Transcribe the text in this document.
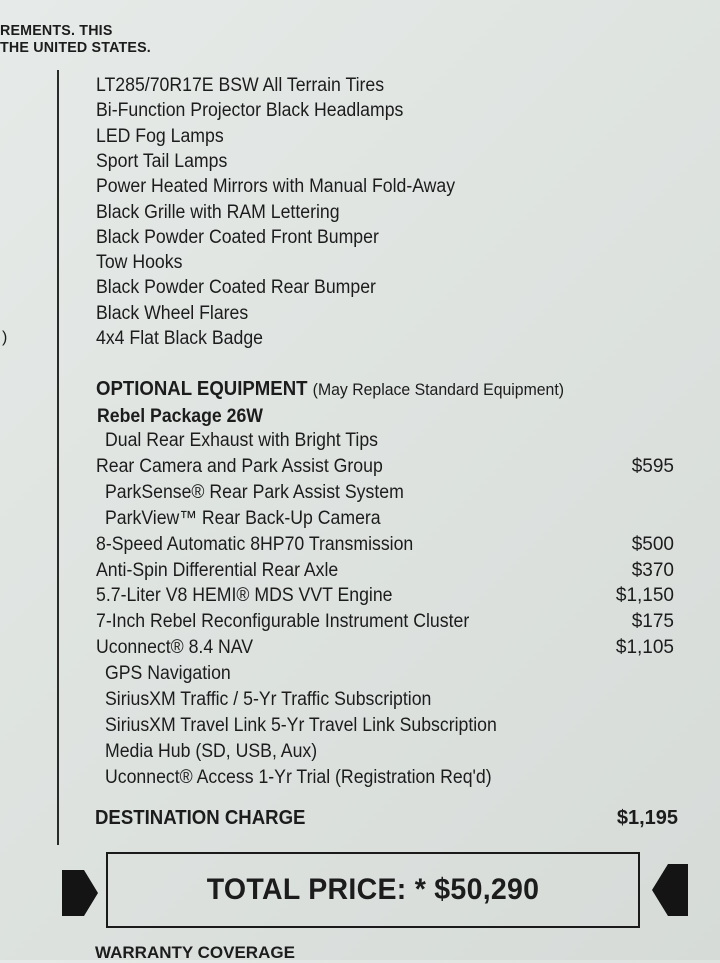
REMENTS. THIS
THE UNITED STATES.
)
LT285/70R17E BSW All Terrain Tires
Bi-Function Projector Black Headlamps
LED Fog Lamps
Sport Tail Lamps
Power Heated Mirrors with Manual Fold-Away
Black Grille with RAM Lettering
Black Powder Coated Front Bumper
Tow Hooks
Black Powder Coated Rear Bumper
Black Wheel Flares
4x4 Flat Black Badge
OPTIONAL EQUIPMENT (May Replace Standard Equipment)
Rebel Package 26W
Dual Rear Exhaust with Bright Tips
Rear Camera and Park Assist Group	$595
ParkSense® Rear Park Assist System
ParkView™ Rear Back-Up Camera
8-Speed Automatic 8HP70 Transmission	$500
Anti-Spin Differential Rear Axle	$370
5.7-Liter V8 HEMI® MDS VVT Engine	$1,150
7-Inch Rebel Reconfigurable Instrument Cluster	$175
Uconnect® 8.4 NAV	$1,105
GPS Navigation
SiriusXM Traffic / 5-Yr Traffic Subscription
SiriusXM Travel Link 5-Yr Travel Link Subscription
Media Hub (SD, USB, Aux)
Uconnect® Access 1-Yr Trial (Registration Req'd)
DESTINATION CHARGE	$1,195
TOTAL PRICE: * $50,290
WARRANTY COVERAGE
